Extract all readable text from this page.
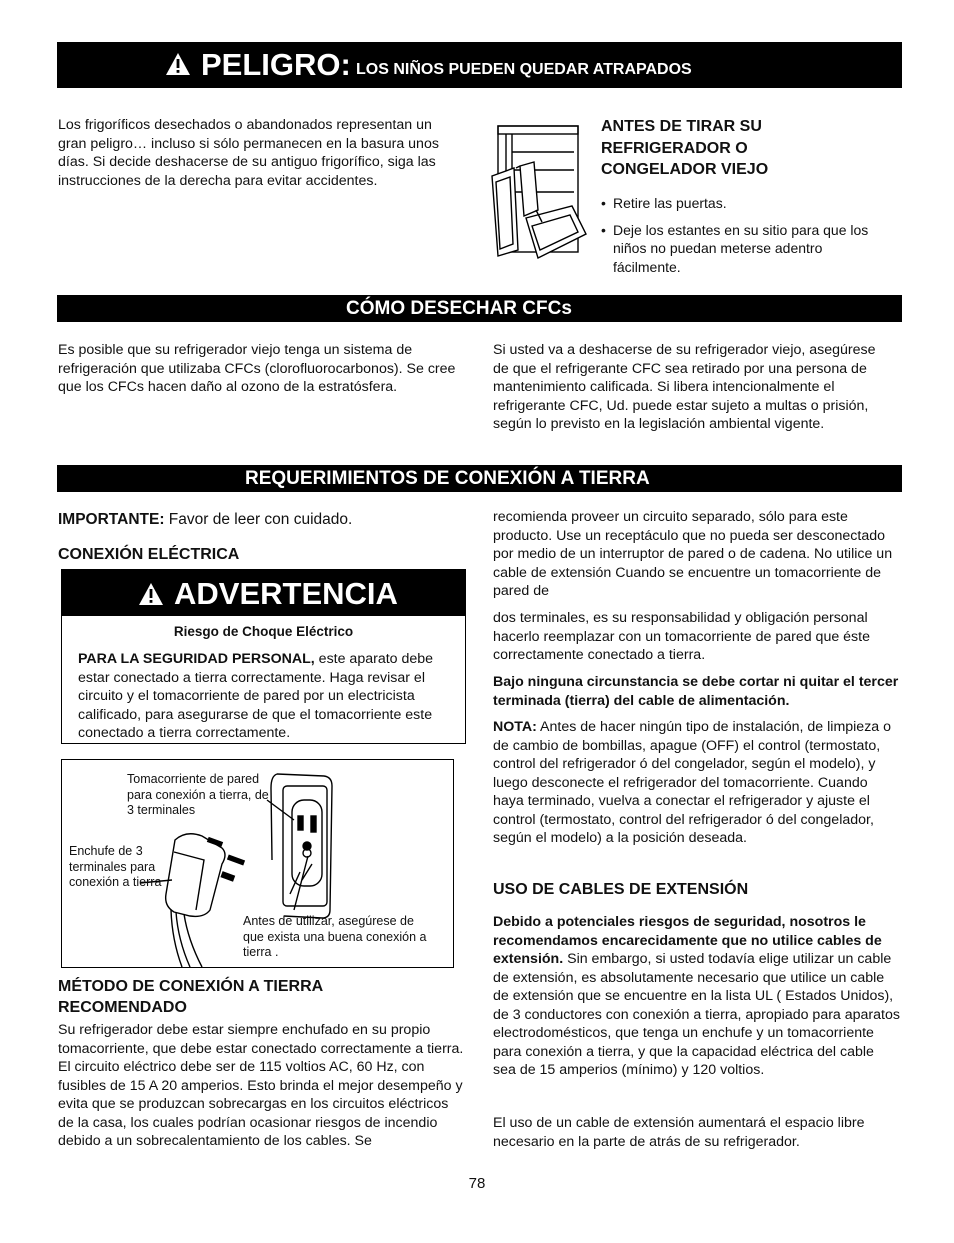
PELIGRO: LOS NIÑOS PUEDEN QUEDAR ATRAPADOS

Los frigoríficos desechados o abandonados representan un gran peligro… incluso si sólo permanecen en la basura unos días. Si decide deshacerse de su antiguo frigorífico, siga las instrucciones de la derecha para evitar accidentes.

ANTES DE TIRAR SU REFRIGERADOR O CONGELADOR VIEJO
• Retire las puertas.
• Deje los estantes en su sitio para que los niños no puedan meterse adentro fácilmente.
CÓMO DESECHAR CFCs

Es posible que su refrigerador viejo tenga un sistema de refrigeración que utilizaba CFCs (clorofluorocarbonos). Se cree que los CFCs hacen daño al ozono de la estratósfera.

Si usted va a deshacerse de su refrigerador viejo, asegúrese de que el refrigerante CFC sea retirado por una persona de mantenimiento calificada. Si libera intencionalmente el refrigerante CFC, Ud. puede estar sujeto a multas o prisión, según lo previsto en la legislación ambiental vigente.

REQUERIMIENTOS DE CONEXIÓN A TIERRA
IMPORTANTE: Favor de leer con cuidado.
CONEXIÓN ELÉCTRICA
ADVERTENCIA
Riesgo de Choque Eléctrico

PARA LA SEGURIDAD PERSONAL, este aparato debe estar conectado a tierra correctamente. Haga revisar el circuito y el tomacorriente de pared por un electricista calificado, para asegurarse de que el tomacorriente este conectado a tierra correctamente.

Tomacorriente de pared para conexión a tierra, de 3 terminales
Enchufe de 3 terminales para conexión a tierra
Antes de utilizar, asegúrese de que exista una buena conexión a tierra .
MÉTODO DE CONEXIÓN A TIERRA RECOMENDADO

Su refrigerador debe estar siempre enchufado en su propio tomacorriente, que debe estar conectado correctamente a tierra. El circuito eléctrico debe ser de 115 voltios AC, 60 Hz, con fusibles de 15 A 20 amperios. Esto brinda el mejor desempeño y evita que se produzcan sobrecargas en los circuitos eléctricos de la casa, los cuales podrían ocasionar riesgos de incendio debido a un sobrecalentamiento de los cables. Se

recomienda proveer un circuito separado, sólo para este producto. Use un receptáculo que no pueda ser desconectado por medio de un interruptor de pared o de cadena. No utilice un cable de extensión Cuando se encuentre un tomacorriente de pared de

dos terminales, es su responsabilidad y obligación personal hacerlo reemplazar con un tomacorriente de pared que éste correctamente conectado a tierra.

Bajo ninguna circunstancia se debe cortar ni quitar el tercer terminada (tierra) del cable de alimentación.

NOTA: Antes de hacer ningún tipo de instalación, de limpieza o de cambio de bombillas, apague (OFF) el control (termostato, control del refrigerador ó del congelador, según el modelo), y luego desconecte el refrigerador del tomacorriente. Cuando haya terminado, vuelva a conectar el refrigerador y ajuste el control (termostato, control del refrigerador ó del congelador, según el modelo) a la posición deseada.

USO DE CABLES DE EXTENSIÓN

Debido a potenciales riesgos de seguridad, nosotros le recomendamos encarecidamente que no utilice cables de extensión. Sin embargo, si usted todavía elige utilizar un cable de extensión, es absolutamente necesario que utilice un cable de extensión que se encuentre en la lista UL ( Estados Unidos), de 3 conductores con conexión a tierra, apropiado para aparatos electrodomésticos, que tenga un enchufe y un tomacorriente para conexión a tierra, y que la capacidad eléctrica del cable sea de 15 amperios (mínimo) y 120 voltios.

El uso de un cable de extensión aumentará el espacio libre necesario en la parte de atrás de su refrigerador.

78
